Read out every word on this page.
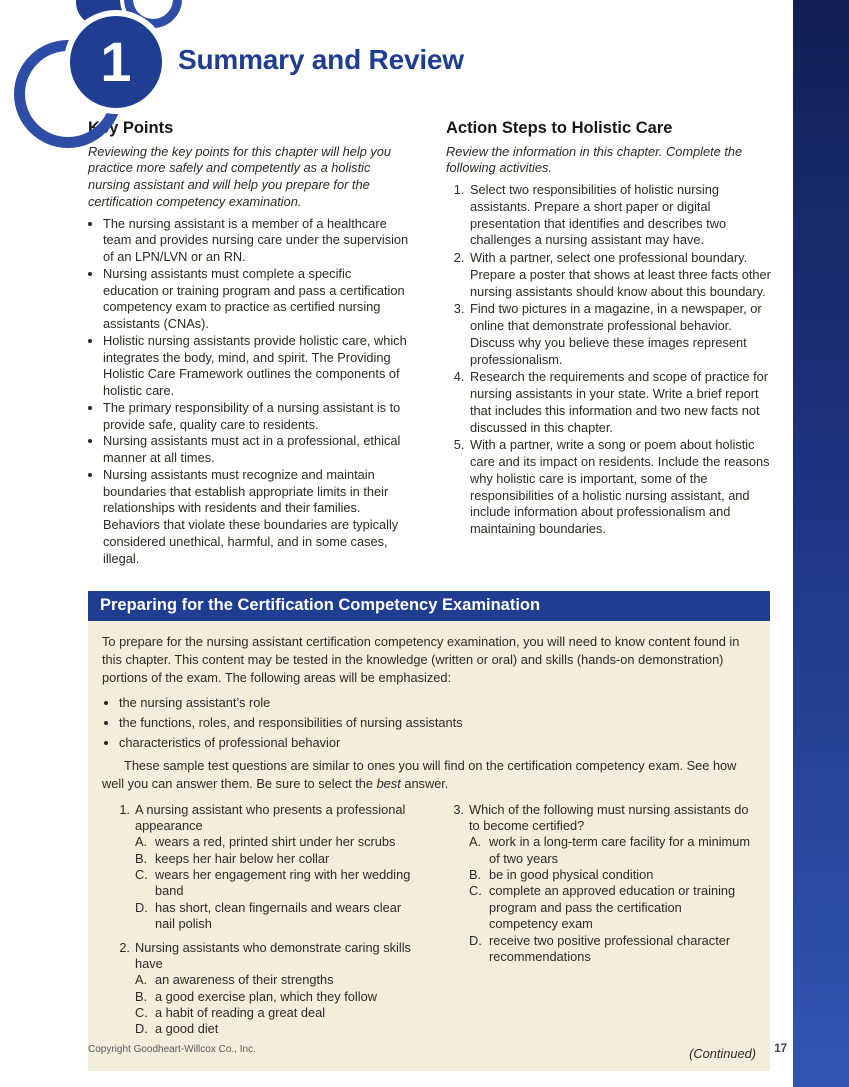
1 Summary and Review
Key Points

Reviewing the key points for this chapter will help you practice more safely and competently as a holistic nursing assistant and will help you prepare for the certification competency examination.

• The nursing assistant is a member of a healthcare team and provides nursing care under the supervision of an LPN/LVN or an RN.
• Nursing assistants must complete a specific education or training program and pass a certification competency exam to practice as certified nursing assistants (CNAs).
• Holistic nursing assistants provide holistic care, which integrates the body, mind, and spirit. The Providing Holistic Care Framework outlines the components of holistic care.
• The primary responsibility of a nursing assistant is to provide safe, quality care to residents.
• Nursing assistants must act in a professional, ethical manner at all times.
• Nursing assistants must recognize and maintain boundaries that establish appropriate limits in their relationships with residents and their families. Behaviors that violate these boundaries are typically considered unethical, harmful, and in some cases, illegal.
Action Steps to Holistic Care

Review the information in this chapter. Complete the following activities.

1. Select two responsibilities of holistic nursing assistants. Prepare a short paper or digital presentation that identifies and describes two challenges a nursing assistant may have.
2. With a partner, select one professional boundary. Prepare a poster that shows at least three facts other nursing assistants should know about this boundary.
3. Find two pictures in a magazine, in a newspaper, or online that demonstrate professional behavior. Discuss why you believe these images represent professionalism.
4. Research the requirements and scope of practice for nursing assistants in your state. Write a brief report that includes this information and two new facts not discussed in this chapter.
5. With a partner, write a song or poem about holistic care and its impact on residents. Include the reasons why holistic care is important, some of the responsibilities of a holistic nursing assistant, and include information about professionalism and maintaining boundaries.
Preparing for the Certification Competency Examination

To prepare for the nursing assistant certification competency examination, you will need to know content found in this chapter. This content may be tested in the knowledge (written or oral) and skills (hands-on demonstration) portions of the exam. The following areas will be emphasized:

• the nursing assistant’s role
• the functions, roles, and responsibilities of nursing assistants
• characteristics of professional behavior

These sample test questions are similar to ones you will find on the certification competency exam. See how well you can answer them. Be sure to select the best answer.

1. A nursing assistant who presents a professional appearance
A. wears a red, printed shirt under her scrubs
B. keeps her hair below her collar
C. wears her engagement ring with her wedding band
D. has short, clean fingernails and wears clear nail polish
2. Nursing assistants who demonstrate caring skills have
A. an awareness of their strengths
B. a good exercise plan, which they follow
C. a habit of reading a great deal
D. a good diet
3. Which of the following must nursing assistants do to become certified?
A. work in a long-term care facility for a minimum of two years
B. be in good physical condition
C. complete an approved education or training program and pass the certification competency exam
D. receive two positive professional character recommendations
(Continued)
Copyright Goodheart-Willcox Co., Inc.	17
